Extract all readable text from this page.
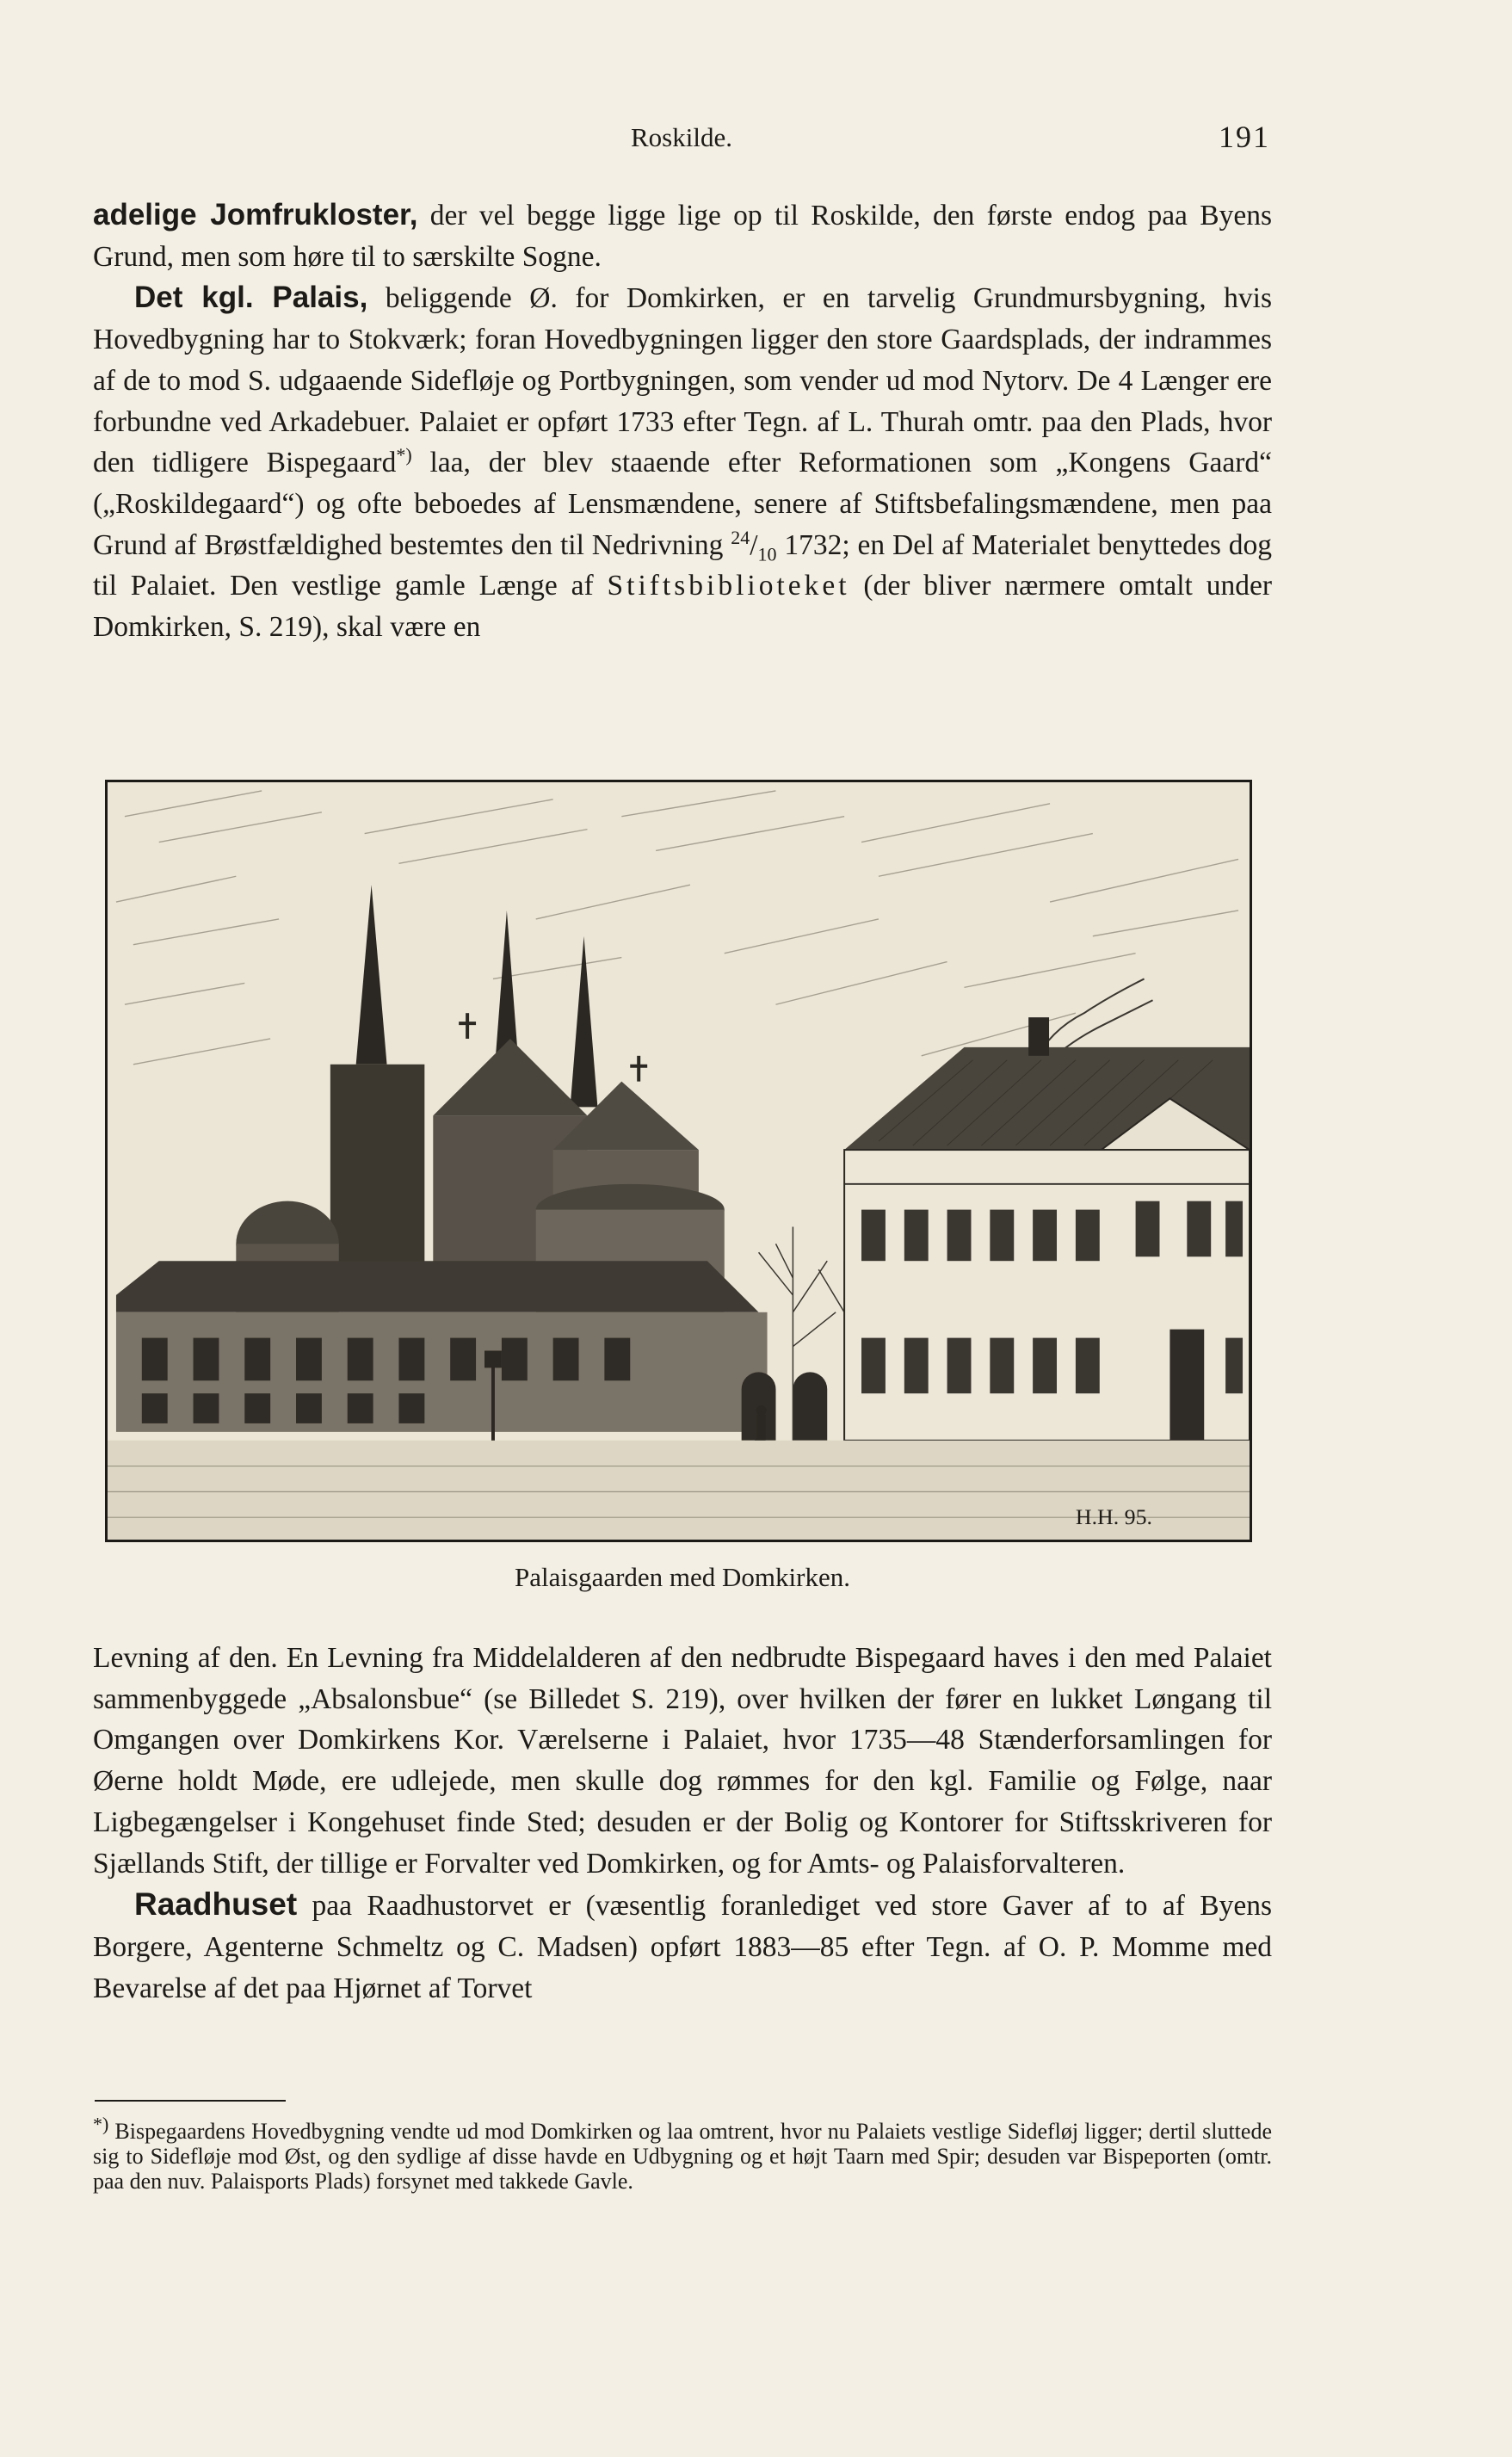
Roskilde.	191

adelige Jomfrukloster, der vel begge ligge lige op til Roskilde, den første endog paa Byens Grund, men som høre til to særskilte Sogne.

Det kgl. Palais, beliggende Ø. for Domkirken, er en tarvelig Grundmursbygning, hvis Hovedbygning har to Stokværk; foran Hovedbygningen ligger den store Gaardsplads, der indrammes af de to mod S. udgaaende Sidefløje og Portbygningen, som vender ud mod Nytorv. De 4 Længer ere forbundne ved Arkadebuer. Palaiet er opført 1733 efter Tegn. af L. Thurah omtr. paa den Plads, hvor den tidligere Bispegaard*) laa, der blev staaende efter Reformationen som „Kongens Gaard“ („Roskildegaard“) og ofte beboedes af Lensmændene, senere af Stiftsbefalingsmændene, men paa Grund af Brøstfældighed bestemtes den til Nedrivning $^{24}/_{10}$ 1732; en Del af Materialet benyttedes dog til Palaiet. Den vestlige gamle Længe af Stiftsbiblioteket (der bliver nærmere omtalt under Domkirken, S. 219), skal være en

H.H. 95.
Palaisgaarden med Domkirken.

Levning af den. En Levning fra Middelalderen af den nedbrudte Bispegaard haves i den med Palaiet sammenbyggede „Absalonsbue“ (se Billedet S. 219), over hvilken der fører en lukket Løngang til Omgangen over Domkirkens Kor. Værelserne i Palaiet, hvor 1735—48 Stænderforsamlingen for Øerne holdt Møde, ere udlejede, men skulle dog rømmes for den kgl. Familie og Følge, naar Ligbegængelser i Kongehuset finde Sted; desuden er der Bolig og Kontorer for Stiftsskriveren for Sjællands Stift, der tillige er Forvalter ved Domkirken, og for Amts- og Palaisforvalteren.

Raadhuset paa Raadhustorvet er (væsentlig foranlediget ved store Gaver af to af Byens Borgere, Agenterne Schmeltz og C. Madsen) opført 1883—85 efter Tegn. af O. P. Momme med Bevarelse af det paa Hjørnet af Torvet

*) Bispegaardens Hovedbygning vendte ud mod Domkirken og laa omtrent, hvor nu Palaiets vestlige Sidefløj ligger; dertil sluttede sig to Sidefløje mod Øst, og den sydlige af disse havde en Udbygning og et højt Taarn med Spir; desuden var Bispeporten (omtr. paa den nuv. Palaisports Plads) forsynet med takkede Gavle.
